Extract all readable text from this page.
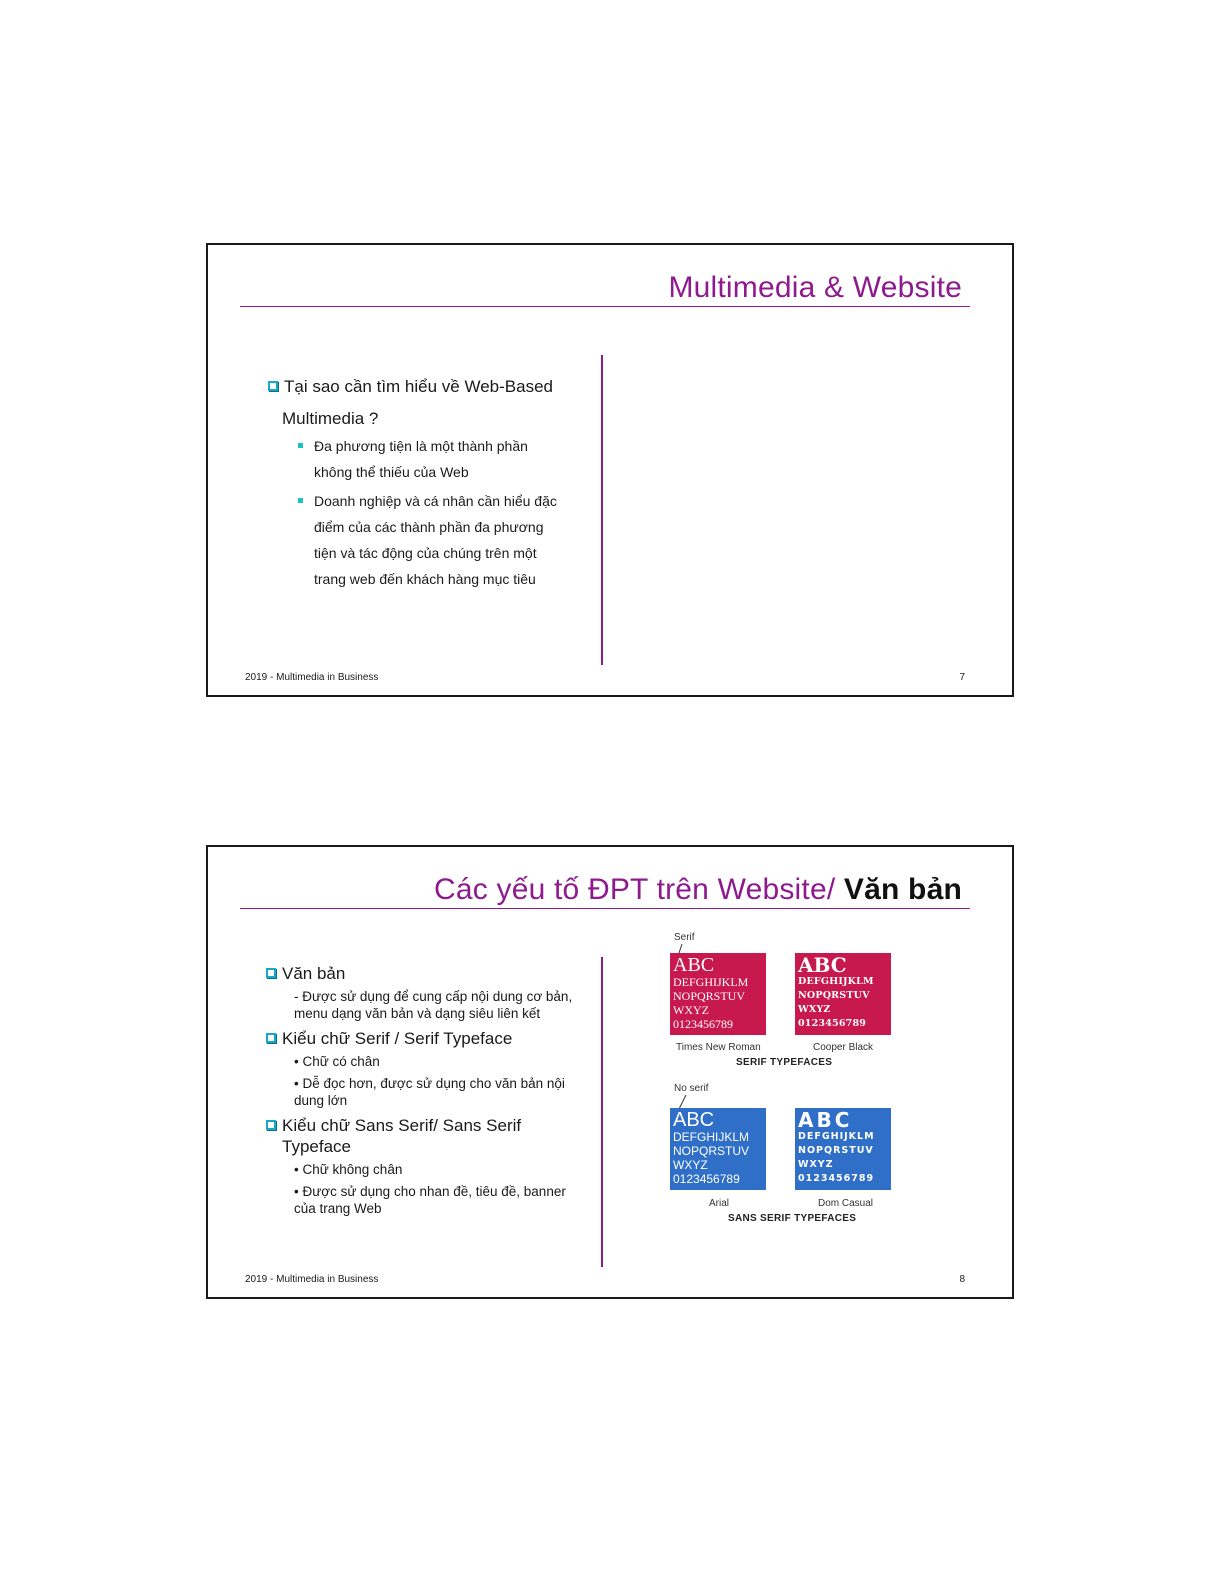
Multimedia & Website
Tại sao cần tìm hiểu về Web-Based
Multimedia ?
Đa phương tiện là một thành phần không thể thiếu của Web
Doanh nghiệp và cá nhân cần hiểu đặc điểm của các thành phần đa phương tiện và tác động của chúng trên một trang web đến khách hàng mục tiêu
2019 - Multimedia in Business	7
Các yếu tố ĐPT trên Website/ Văn bản
Văn bản
- Được sử dụng để cung cấp nội dung cơ bản, menu dạng văn bản và dạng siêu liên kết
Kiểu chữ Serif / Serif Typeface
• Chữ có chân
• Dễ đọc hơn, được sử dụng cho văn bản nội dung lớn
Kiểu chữ Sans Serif/ Sans Serif
Typeface
• Chữ không chân
• Được sử dụng cho nhan đề, tiêu đề, banner của trang Web
Serif
ABC
DEFGHIJKLM
NOPQRSTUV
WXYZ
0123456789
ABC
DEFGHIJKLM
NOPQRSTUV
WXYZ
0123456789
Times New Roman	Cooper Black
SERIF TYPEFACES
No serif
ABC
DEFGHIJKLM
NOPQRSTUV
WXYZ
0123456789
ABC
DEFGHIJKLM
NOPQRSTUV
WXYZ
0123456789
Arial	Dom Casual
SANS SERIF TYPEFACES
2019 - Multimedia in Business	8
